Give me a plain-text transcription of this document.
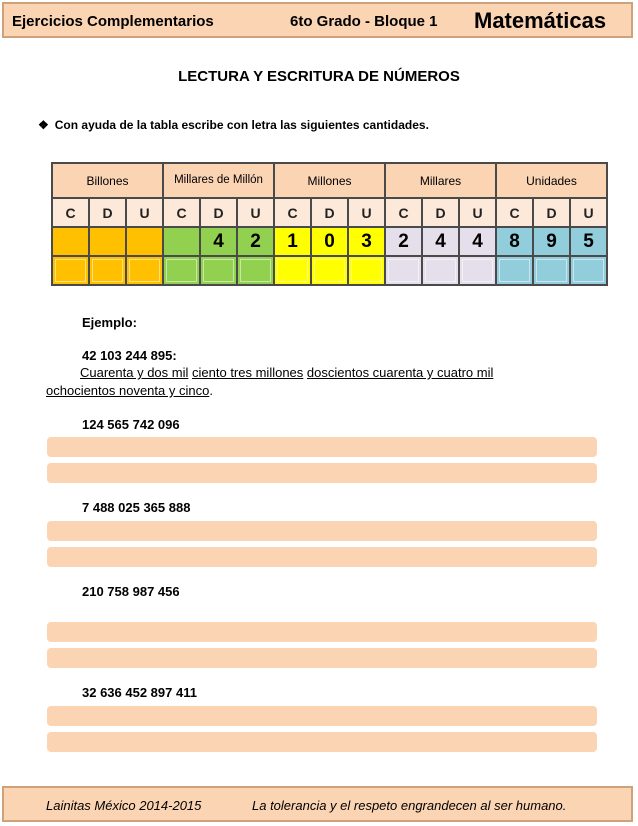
Ejercicios Complementarios	6to Grado - Bloque 1 Matemáticas
LECTURA Y ESCRITURA DE NÚMEROS
❖ Con ayuda de la tabla escribe con letra las siguientes cantidades.
Billones			Millares de Millón			Millones			Millares			Unidades		
C	D	U	C	D	U	C	D	U	C	D	U	C	D	U
				4	2	1	0	3	2	4	4	8	9	5

Ejemplo:
42 103 244 895:
Cuarenta y dos mil ciento tres millones doscientos cuarenta y cuatro mil ochocientos noventa y cinco.
124 565 742 096
7 488 025 365 888
210 758 987 456
32 636 452 897 411
Lainitas México 2014-2015	La tolerancia y el respeto engrandecen al ser humano.
